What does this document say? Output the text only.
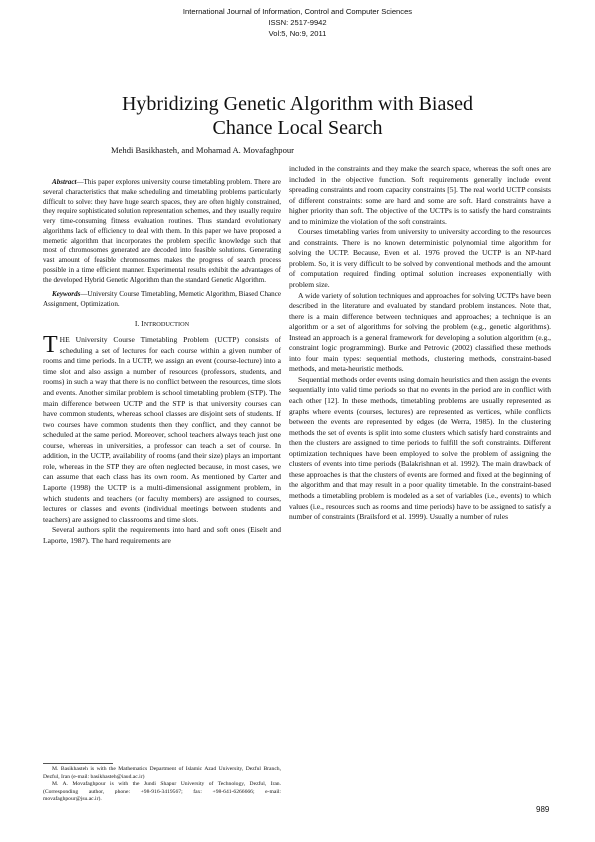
International Journal of Information, Control and Computer Sciences
ISSN: 2517-9942
Vol:5, No:9, 2011
Hybridizing Genetic Algorithm with Biased
Chance Local Search
Mehdi Basikhasteh, and Mohamad A. Movafaghpour

Abstract—This paper explores university course timetabling problem. There are several characteristics that make scheduling and timetabling problems particularly difficult to solve: they have huge search spaces, they are often highly constrained, they require sophisticated solution representation schemes, and they usually require very time-consuming fitness evaluation routines. Thus standard evolutionary algorithms lack of efficiency to deal with them. In this paper we have proposed a memetic algorithm that incorporates the problem specific knowledge such that most of chromosomes generated are decoded into feasible solutions. Generating vast amount of feasible chromosomes makes the progress of search process possible in a time efficient manner. Experimental results exhibit the advantages of the developed Hybrid Genetic Algorithm than the standard Genetic Algorithm.

Keywords—University Course Timetabling, Memetic Algorithm, Biased Chance Assignment, Optimization.

I. INTRODUCTION

THE University Course Timetabling Problem (UCTP) consists of scheduling a set of lectures for each course within a given number of rooms and time periods. In a UCTP, we assign an event (course-lecture) into a time slot and also assign a number of resources (professors, students, and rooms) in such a way that there is no conflict between the resources, time slots and events. Another similar problem is school timetabling problem (STP). The main difference between UCTP and the STP is that university courses can have common students, whereas school classes are disjoint sets of students. If two courses have common students then they conflict, and they cannot be scheduled at the same period. Moreover, school teachers always teach just one course, whereas in universities, a professor can teach a set of course. In addition, in the UCTP, availability of rooms (and their size) plays an important role, whereas in the STP they are often neglected because, in most cases, we can assume that each class has its own room. As mentioned by Carter and Laporte (1998) the UCTP is a multi-dimensional assignment problem, in which students and teachers (or faculty members) are assigned to courses, lectures or classes and events (individual meetings between students and teachers) are assigned to classrooms and time slots.

Several authors split the requirements into hard and soft ones (Eiselt and Laporte, 1987). The hard requirements are

M. Basikhasteh is with the Mathematics Department of Islamic Azad University, Dezful Branch, Dezful, Iran (e-mail: basikhasteh@iaud.ac.ir)

M. A. Movafaghpour is with the Jundi Shapur University of Technology, Dezful, Iran. (Corresponding author, phone: +98-916-3419567; fax: +98-641-6266666; e-mail: movafaghpour@jsu.ac.ir).

included in the constraints and they make the search space, whereas the soft ones are included in the objective function. Soft requirements generally include event spreading constraints and room capacity constraints [5]. The real world UCTP consists of different constraints: some are hard and some are soft. Hard constraints have a higher priority than soft. The objective of the UCTPs is to satisfy the hard constraints and to minimize the violation of the soft constraints.

Courses timetabling varies from university to university according to the resources and constraints. There is no known deterministic polynomial time algorithm for solving the UCTP. Because, Even et al. 1976 proved the UCTP is an NP-hard problem. So, it is very difficult to be solved by conventional methods and the amount of computation required finding optimal solution increases exponentially with problem size.

A wide variety of solution techniques and approaches for solving UCTPs have been described in the literature and evaluated by standard problem instances. Note that, there is a main difference between techniques and approaches; a technique is an algorithm or a set of algorithms for solving the problem (e.g., genetic algorithms). Instead an approach is a general framework for developing a solution algorithm (e.g., constraint logic programming). Burke and Petrovic (2002) classified these methods into four main types: sequential methods, clustering methods, constraint-based methods, and meta-heuristic methods.

Sequential methods order events using domain heuristics and then assign the events sequentially into valid time periods so that no events in the period are in conflict with each other [12]. In these methods, timetabling problems are usually represented as graphs where events (courses, lectures) are represented as vertices, while conflicts between the events are represented by edges (de Werra, 1985). In the clustering methods the set of events is split into some clusters which satisfy hard constraints and then the clusters are assigned to time periods to fulfill the soft constraints. Different optimization techniques have been employed to solve the problem of assigning the clusters of events into time periods (Balakrishnan et al. 1992). The main drawback of these approaches is that the clusters of events are formed and fixed at the beginning of the algorithm and that may result in a poor quality timetable. In the constraint-based methods a timetabling problem is modeled as a set of variables (i.e., events) to which values (i.e., resources such as rooms and time periods) have to be assigned to satisfy a number of constraints (Brailsford et al. 1999). Usually a number of rules

989
